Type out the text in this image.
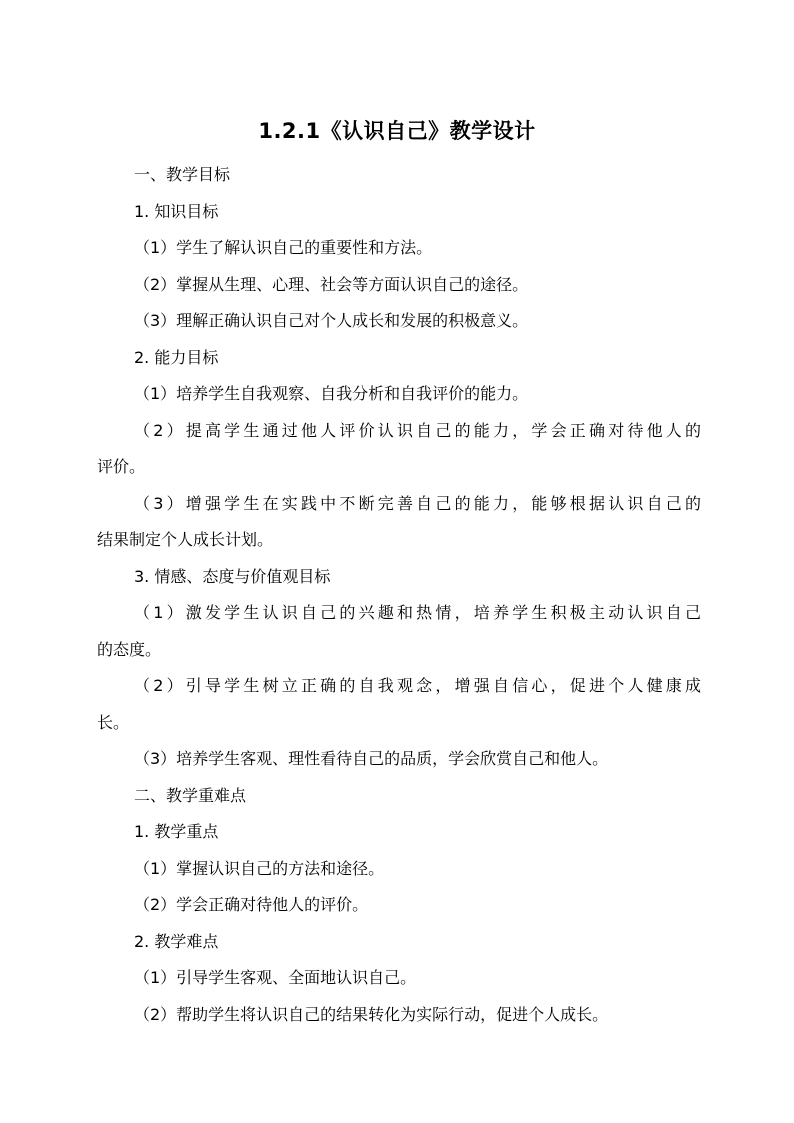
1.2.1《认识自己》教学设计

一、教学目标

1. 知识目标

（1）学生了解认识自己的重要性和方法。

（2）掌握从生理、心理、社会等方面认识自己的途径。

（3）理解正确认识自己对个人成长和发展的积极意义。

2. 能力目标

（1）培养学生自我观察、自我分析和自我评价的能力。

（2）提高学生通过他人评价认识自己的能力，学会正确对待他人的

评价。

（3）增强学生在实践中不断完善自己的能力，能够根据认识自己的

结果制定个人成长计划。

3. 情感、态度与价值观目标

（1）激发学生认识自己的兴趣和热情，培养学生积极主动认识自己

的态度。

（2）引导学生树立正确的自我观念，增强自信心，促进个人健康成

长。

（3）培养学生客观、理性看待自己的品质，学会欣赏自己和他人。

二、教学重难点

1. 教学重点

（1）掌握认识自己的方法和途径。

（2）学会正确对待他人的评价。

2. 教学难点

（1）引导学生客观、全面地认识自己。

（2）帮助学生将认识自己的结果转化为实际行动，促进个人成长。
